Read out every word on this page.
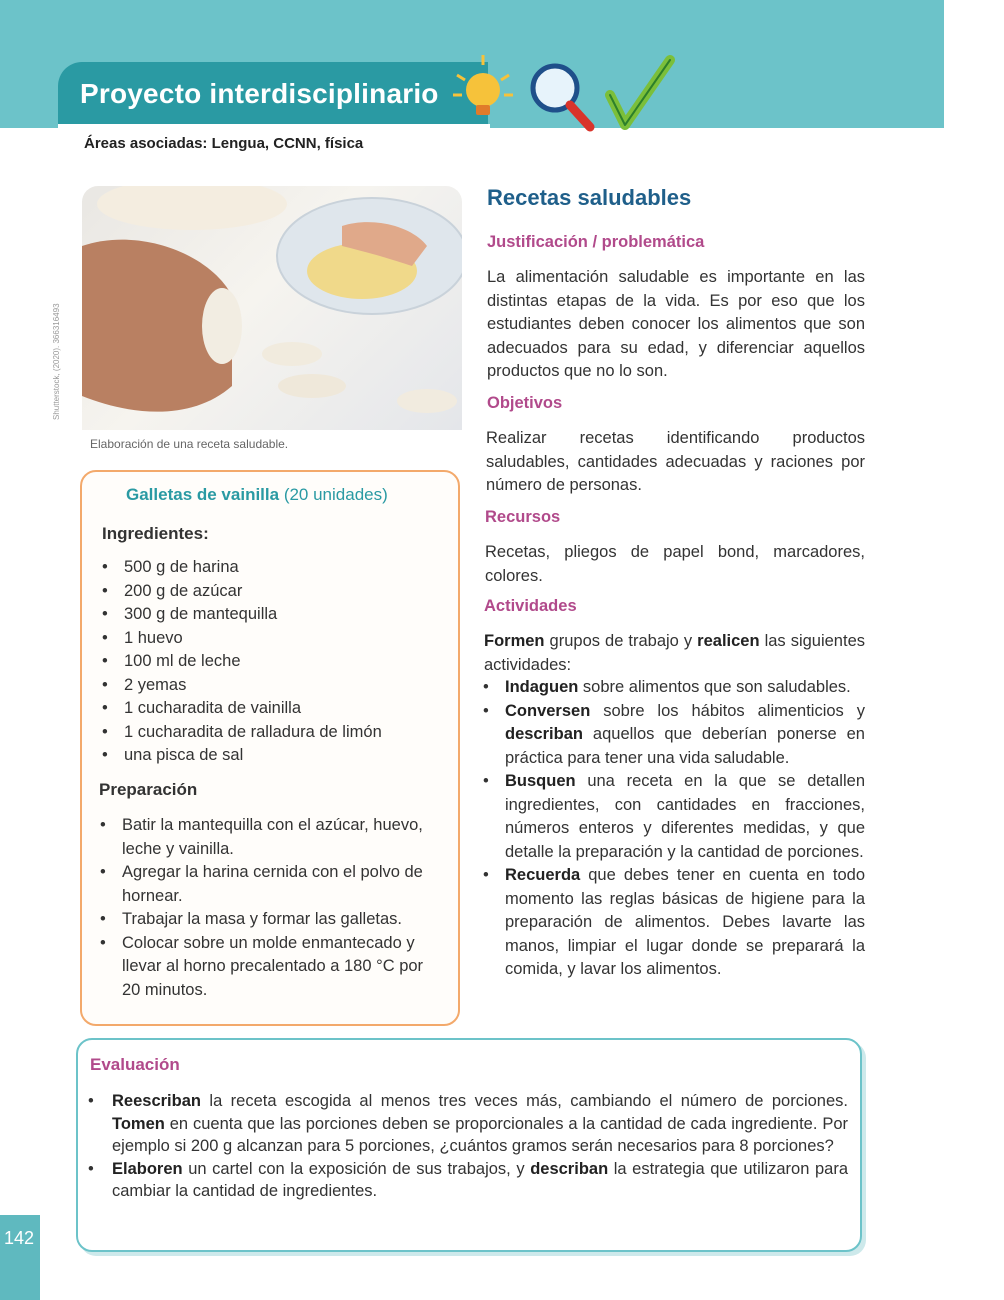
Proyecto interdisciplinario
Áreas asociadas: Lengua, CCNN, física
Shutterstock, (2020). 366316493
Elaboración de una receta saludable.
Galletas de vainilla (20 unidades)
Ingredientes:
• 500 g de harina
• 200 g de azúcar
• 300 g de mantequilla
• 1 huevo
• 100 ml de leche
• 2 yemas
• 1 cucharadita de vainilla
• 1 cucharadita de ralladura de limón
• una pisca de sal
Preparación
• Batir la mantequilla con el azúcar, huevo, leche y vainilla.
• Agregar la harina cernida con el polvo de hornear.
• Trabajar la masa y formar las galletas.
• Colocar sobre un molde enmantecado y llevar al horno precalentado a 180 °C por 20 minutos.
Recetas saludables
Justificación / problemática

La alimentación saludable es importante en las distintas etapas de la vida. Es por eso que los estudiantes deben conocer los alimentos que son adecuados para su edad, y diferenciar aquellos productos que no lo son.

Objetivos

Realizar recetas identificando productos saludables, cantidades adecuadas y raciones por número de personas.

Recursos

Recetas, pliegos de papel bond, marcadores, colores.

Actividades

Formen grupos de trabajo y realicen las siguientes actividades:

• Indaguen sobre alimentos que son saludables.
• Conversen sobre los hábitos alimenticios y describan aquellos que deberían ponerse en práctica para tener una vida saludable.
• Busquen una receta en la que se detallen ingredientes, con cantidades en fracciones, números enteros y diferentes medidas, y que detalle la preparación y la cantidad de porciones.
• Recuerda que debes tener en cuenta en todo momento las reglas básicas de higiene para la preparación de alimentos. Debes lavarte las manos, limpiar el lugar donde se preparará la comida, y lavar los alimentos.
Evaluación
• Reescriban la receta escogida al menos tres veces más, cambiando el número de porciones. Tomen en cuenta que las porciones deben se proporcionales a la cantidad de cada ingrediente. Por ejemplo si 200 g alcanzan para 5 porciones, ¿cuántos gramos serán necesarios para 8 porciones?
• Elaboren un cartel con la exposición de sus trabajos, y describan la estrategia que utilizaron para cambiar la cantidad de ingredientes.
142
